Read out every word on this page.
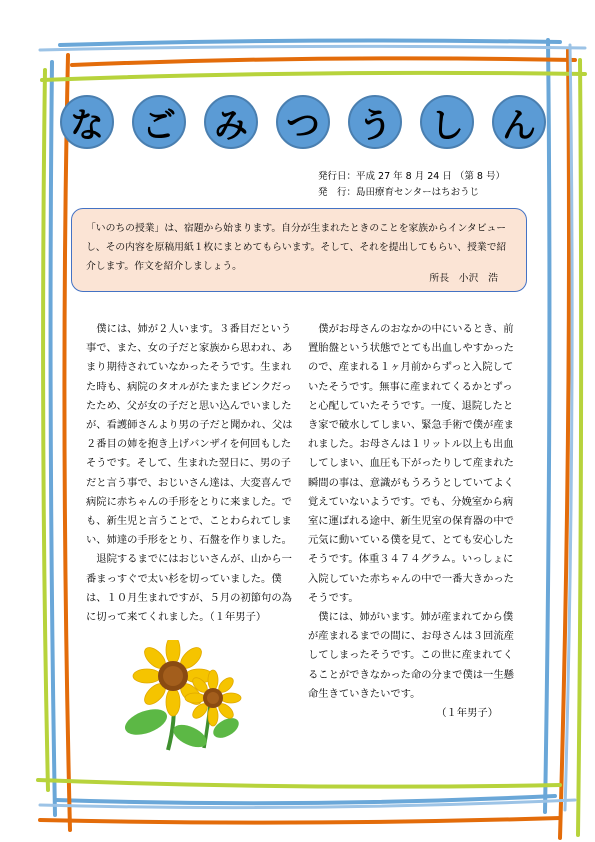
な ご み つ う し ん
発行日：平成 27 年 8 月 24 日 （第 8 号）
発　行：島田療育センターはちおうじ
「いのちの授業」は、宿題から始まります。自分が生まれたときのことを家族からインタビューし、その内容を原稿用紙１枚にまとめてもらいます。そして、それを提出してもらい、授業で紹介します。作文を紹介しましょう。
所長　小沢　浩

僕には、姉が２人います。３番目だという事で、また、女の子だと家族から思われ、あまり期待されていなかったそうです。生まれた時も、病院のタオルがたまたまピンクだったため、父が女の子だと思い込んでいましたが、看護師さんより男の子だと聞かれ、父は２番目の姉を抱き上げバンザイを何回もしたそうです。そして、生まれた翌日に、男の子だと言う事で、おじいさん達は、大変喜んで病院に赤ちゃんの手形をとりに来ました。でも、新生児と言うことで、ことわられてしまい、姉達の手形をとり、石盤を作りました。

退院するまでにはおじいさんが、山から一番まっすぐで太い杉を切っていました。僕は、１０月生まれですが、５月の初節句の為に切って来てくれました。（１年男子）

僕がお母さんのおなかの中にいるとき、前置胎盤という状態でとても出血しやすかったので、産まれる１ヶ月前からずっと入院していたそうです。無事に産まれてくるかとずっと心配していたそうです。一度、退院したとき家で破水してしまい、緊急手術で僕が産まれました。お母さんは１リットル以上も出血してしまい、血圧も下がったりして産まれた瞬間の事は、意識がもうろうとしていてよく覚えていないようです。でも、分娩室から病室に運ばれる途中、新生児室の保育器の中で元気に動いている僕を見て、とても安心したそうです。体重３４７４グラム。いっしょに入院していた赤ちゃんの中で一番大きかったそうです。

僕には、姉がいます。姉が産まれてから僕が産まれるまでの間に、お母さんは３回流産してしまったそうです。この世に産まれてくることができなかった命の分まで僕は一生懸命生きていきたいです。

（１年男子）
